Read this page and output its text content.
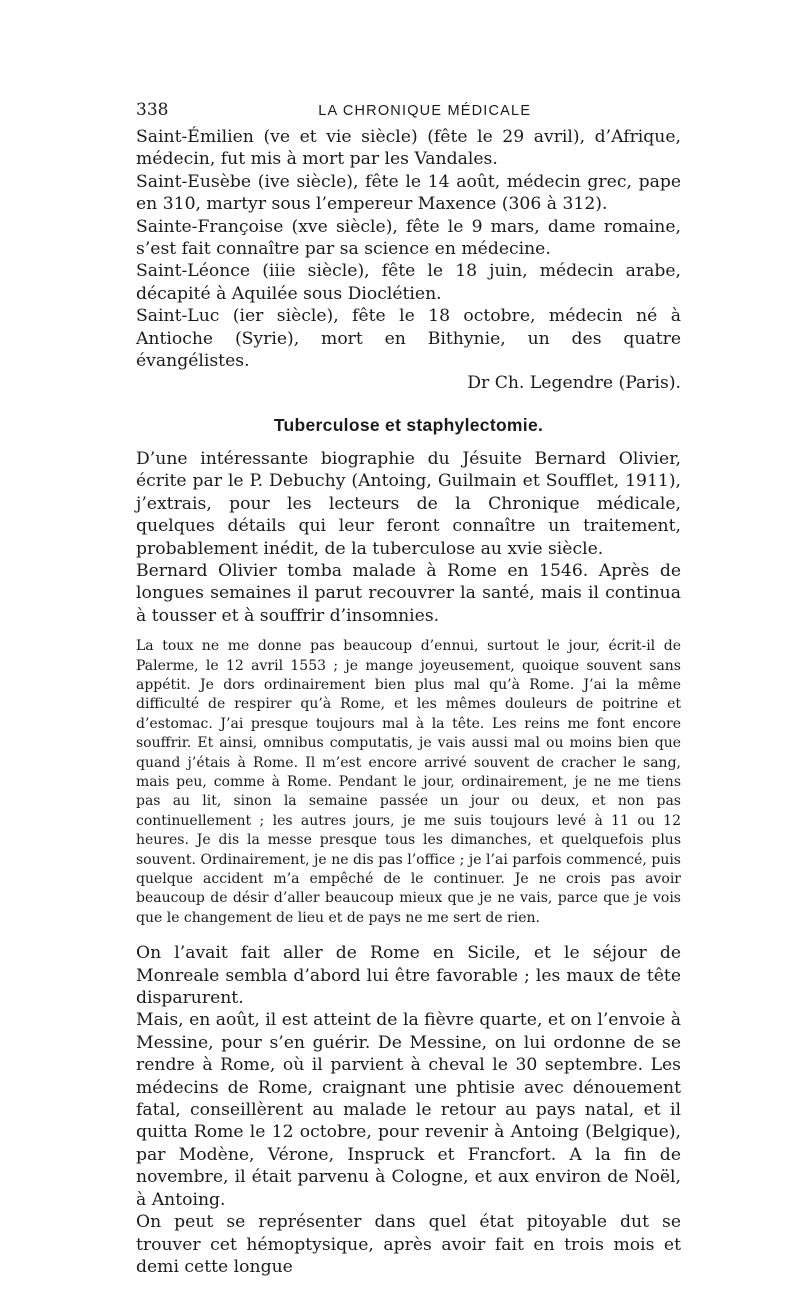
338	LA CHRONIQUE MÉDICALE

Saint-Émilien (ve et vie siècle) (fête le 29 avril), d’Afrique, médecin, fut mis à mort par les Vandales.

Saint-Eusèbe (ive siècle), fête le 14 août, médecin grec, pape en 310, martyr sous l’empereur Maxence (306 à 312).

Sainte-Françoise (xve siècle), fête le 9 mars, dame romaine, s’est fait connaître par sa science en médecine.

Saint-Léonce (iiie siècle), fête le 18 juin, médecin arabe, décapité à Aquilée sous Dioclétien.

Saint-Luc (ier siècle), fête le 18 octobre, médecin né à Antioche (Syrie), mort en Bithynie, un des quatre évangélistes.

Dr Ch. Legendre (Paris).
Tuberculose et staphylectomie.

D’une intéressante biographie du Jésuite Bernard Olivier, écrite par le P. Debuchy (Antoing, Guilmain et Soufflet, 1911), j’extrais, pour les lecteurs de la Chronique médicale, quelques détails qui leur feront connaître un traitement, probablement inédit, de la tuberculose au xvie siècle.

Bernard Olivier tomba malade à Rome en 1546. Après de longues semaines il parut recouvrer la santé, mais il continua à tousser et à souffrir d’insomnies.

La toux ne me donne pas beaucoup d’ennui, surtout le jour, écrit-il de Palerme, le 12 avril 1553 ; je mange joyeusement, quoique souvent sans appétit. Je dors ordinairement bien plus mal qu’à Rome. J’ai la même difficulté de respirer qu’à Rome, et les mêmes douleurs de poitrine et d’estomac. J’ai presque toujours mal à la tête. Les reins me font encore souffrir. Et ainsi, omnibus computatis, je vais aussi mal ou moins bien que quand j’étais à Rome. Il m’est encore arrivé souvent de cracher le sang, mais peu, comme à Rome. Pendant le jour, ordinairement, je ne me tiens pas au lit, sinon la semaine passée un jour ou deux, et non pas continuellement ; les autres jours, je me suis toujours levé à 11 ou 12 heures. Je dis la messe presque tous les dimanches, et quelquefois plus souvent. Ordinairement, je ne dis pas l’office ; je l’ai parfois commencé, puis quelque accident m’a empêché de le continuer. Je ne crois pas avoir beaucoup de désir d’aller beaucoup mieux que je ne vais, parce que je vois que le changement de lieu et de pays ne me sert de rien.

On l’avait fait aller de Rome en Sicile, et le séjour de Monreale sembla d’abord lui être favorable ; les maux de tête disparurent.

Mais, en août, il est atteint de la fièvre quarte, et on l’envoie à Messine, pour s’en guérir. De Messine, on lui ordonne de se rendre à Rome, où il parvient à cheval le 30 septembre. Les médecins de Rome, craignant une phtisie avec dénouement fatal, conseillèrent au malade le retour au pays natal, et il quitta Rome le 12 octobre, pour revenir à Antoing (Belgique), par Modène, Vérone, Inspruck et Francfort. A la fin de novembre, il était parvenu à Cologne, et aux environ de Noël, à Antoing.

On peut se représenter dans quel état pitoyable dut se trouver cet hémoptysique, après avoir fait en trois mois et demi cette longue
